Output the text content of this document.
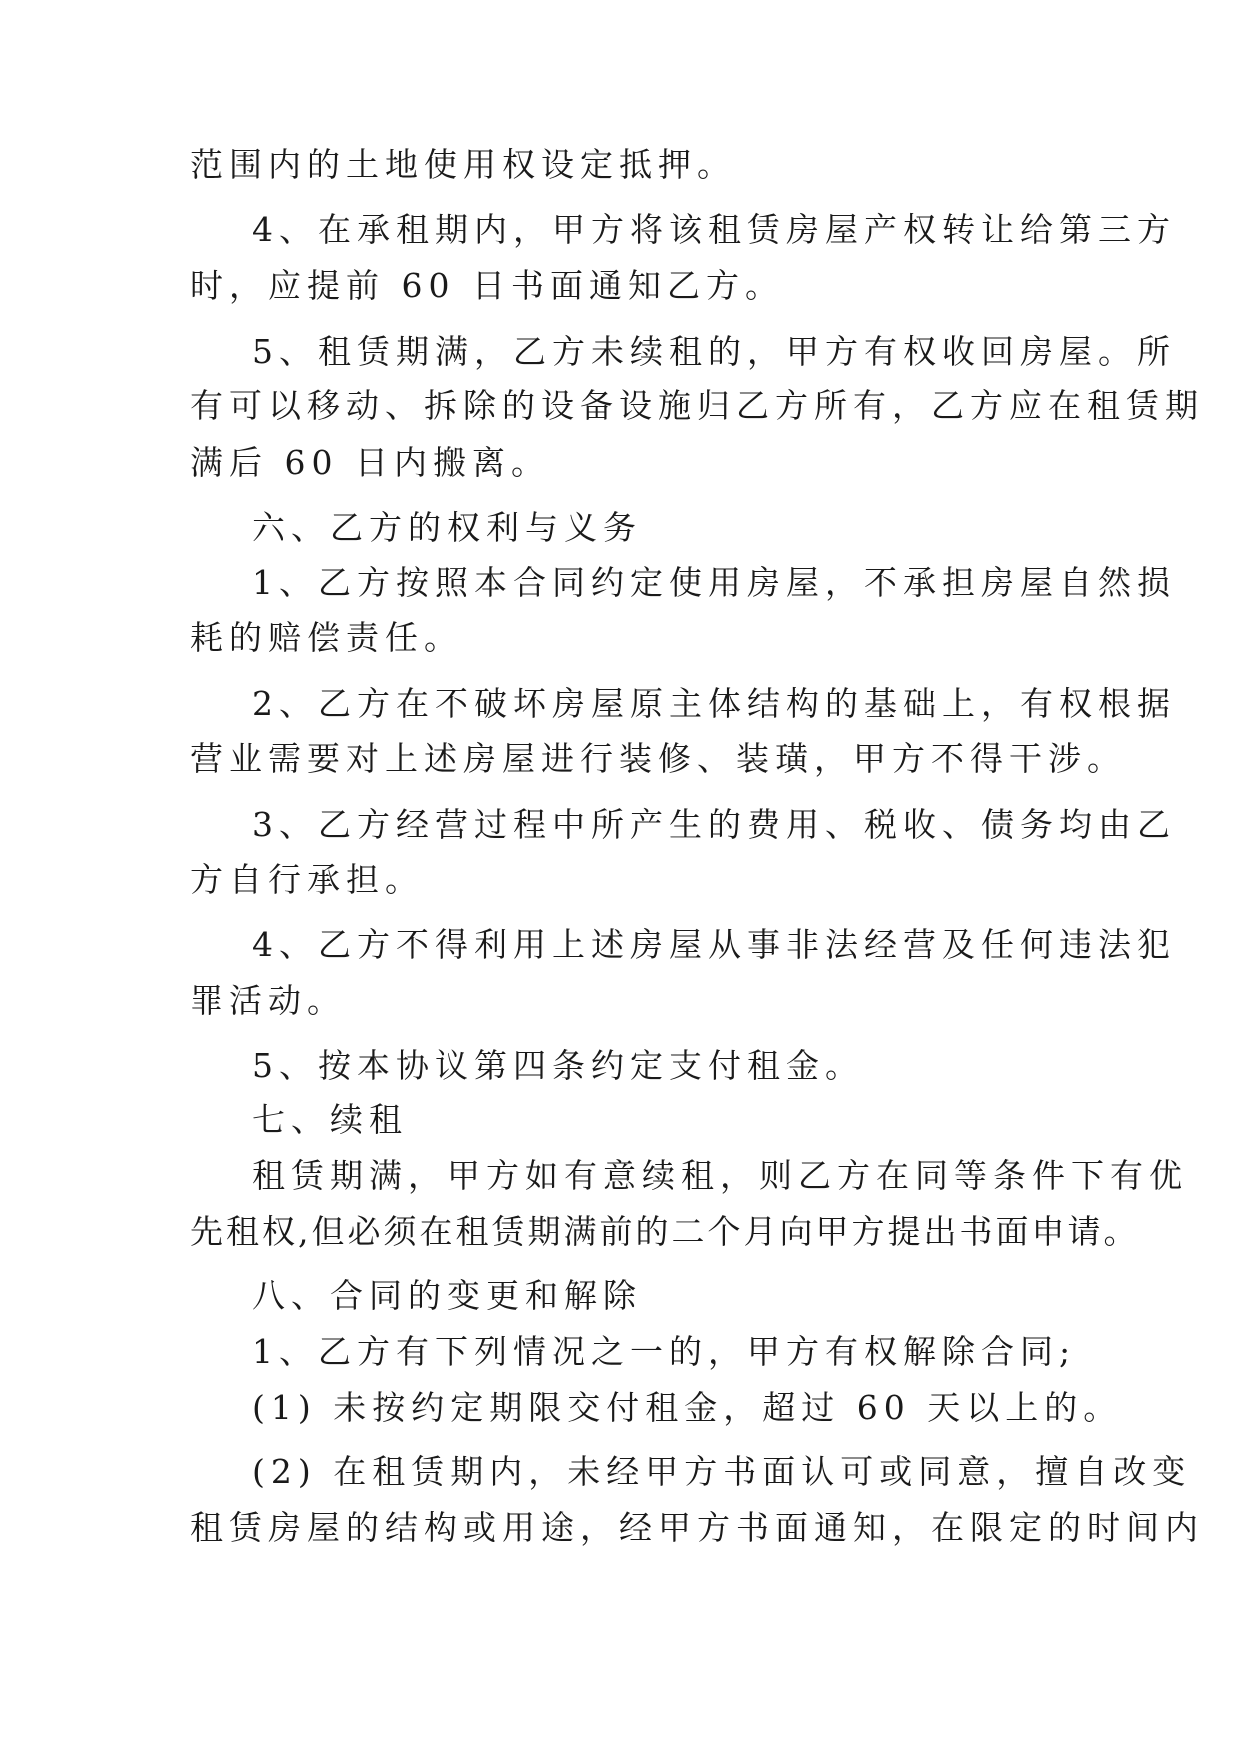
范围内的土地使用权设定抵押。
4、在承租期内，甲方将该租赁房屋产权转让给第三方
时，应提前 60 日书面通知乙方。
5、租赁期满，乙方未续租的，甲方有权收回房屋。所
有可以移动、拆除的设备设施归乙方所有，乙方应在租赁期
满后 60 日内搬离。
六、乙方的权利与义务
1、乙方按照本合同约定使用房屋，不承担房屋自然损
耗的赔偿责任。
2、乙方在不破坏房屋原主体结构的基础上，有权根据
营业需要对上述房屋进行装修、装璜，甲方不得干涉。
3、乙方经营过程中所产生的费用、税收、债务均由乙
方自行承担。
4、乙方不得利用上述房屋从事非法经营及任何违法犯
罪活动。
5、按本协议第四条约定支付租金。
七、续租
租赁期满，甲方如有意续租，则乙方在同等条件下有优
先租权,但必须在租赁期满前的二个月向甲方提出书面申请。
八、合同的变更和解除
1、乙方有下列情况之一的，甲方有权解除合同;
(1) 未按约定期限交付租金，超过 60 天以上的。
(2) 在租赁期内，未经甲方书面认可或同意，擅自改变
租赁房屋的结构或用途，经甲方书面通知，在限定的时间内
